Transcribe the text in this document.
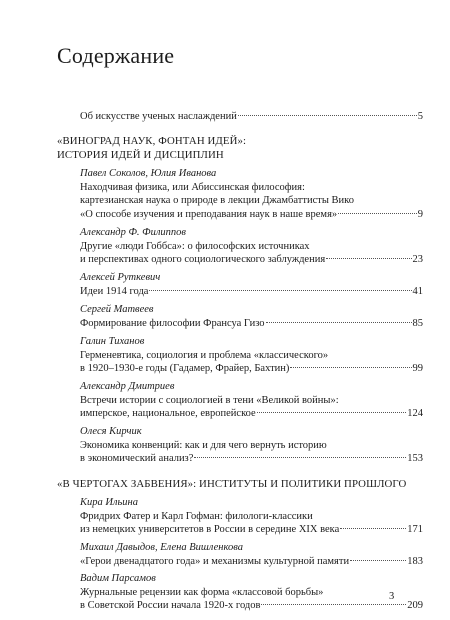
Содержание
Об искусстве ученых наслаждений	5
«ВИНОГРАД НАУК, ФОНТАН ИДЕЙ»:
ИСТОРИЯ ИДЕЙ И ДИСЦИПЛИН
Павел Соколов, Юлия Иванова
Находчивая физика, или Абиссинская философия:
картезианская наука о природе в лекции Джамбаттисты Вико
«О способе изучения и преподавания наук в наше время»	9
Александр Ф. Филиппов
Другие «люди Гоббса»: о философских источниках
и перспективах одного социологического заблуждения	23
Алексей Руткевич
Идеи 1914 года	41
Сергей Матвеев
Формирование философии Франсуа Гизо	85
Галин Тиханов
Герменевтика, социология и проблема «классического»
в 1920–1930-е годы (Гадамер, Фрайер, Бахтин)	99
Александр Дмитриев
Встречи истории с социологией в тени «Великой войны»:
имперское, национальное, европейское	124
Олеся Кирчик
Экономика конвенций: как и для чего вернуть историю
в экономический анализ?	153
«В ЧЕРТОГАХ ЗАБВЕНИЯ»: ИНСТИТУТЫ И ПОЛИТИКИ ПРОШЛОГО
Кира Ильина
Фридрих Фатер и Карл Гофман: филологи-классики
из немецких университетов в России в середине XIX века	171
Михаил Давыдов, Елена Вишленкова
«Герои двенадцатого года» и механизмы культурной памяти	183
Вадим Парсамов
Журнальные рецензии как форма «классовой борьбы»
в Советской России начала 1920-х годов	209
3
